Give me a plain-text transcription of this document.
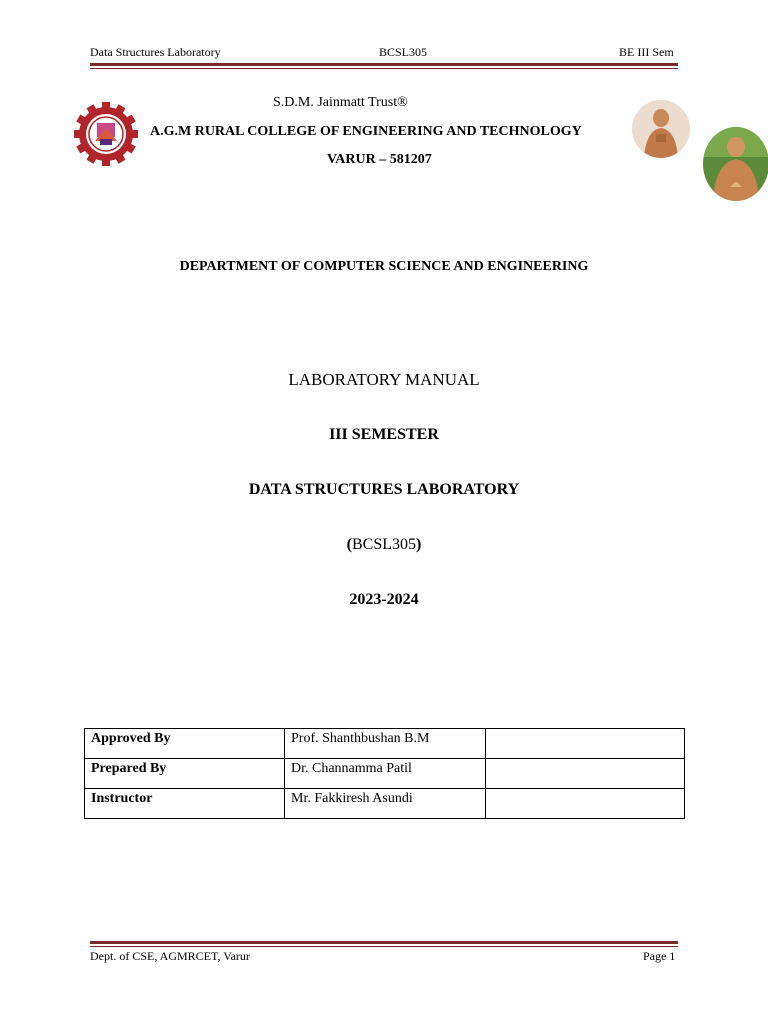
Data Structures Laboratory	BCSL305	BE III Sem
S.D.M. Jainmatt Trust®
A.G.M RURAL COLLEGE OF ENGINEERING AND TECHNOLOGY
VARUR – 581207
DEPARTMENT OF COMPUTER SCIENCE AND ENGINEERING
LABORATORY MANUAL
III SEMESTER
DATA STRUCTURES LABORATORY
(BCSL305)
2023-2024
Approved By	Prof. Shanthbushan B.M	
Prepared By	Dr. Channamma Patil	
Instructor	Mr. Fakkiresh Asundi	
Dept. of CSE, AGMRCET, Varur	Page 1
